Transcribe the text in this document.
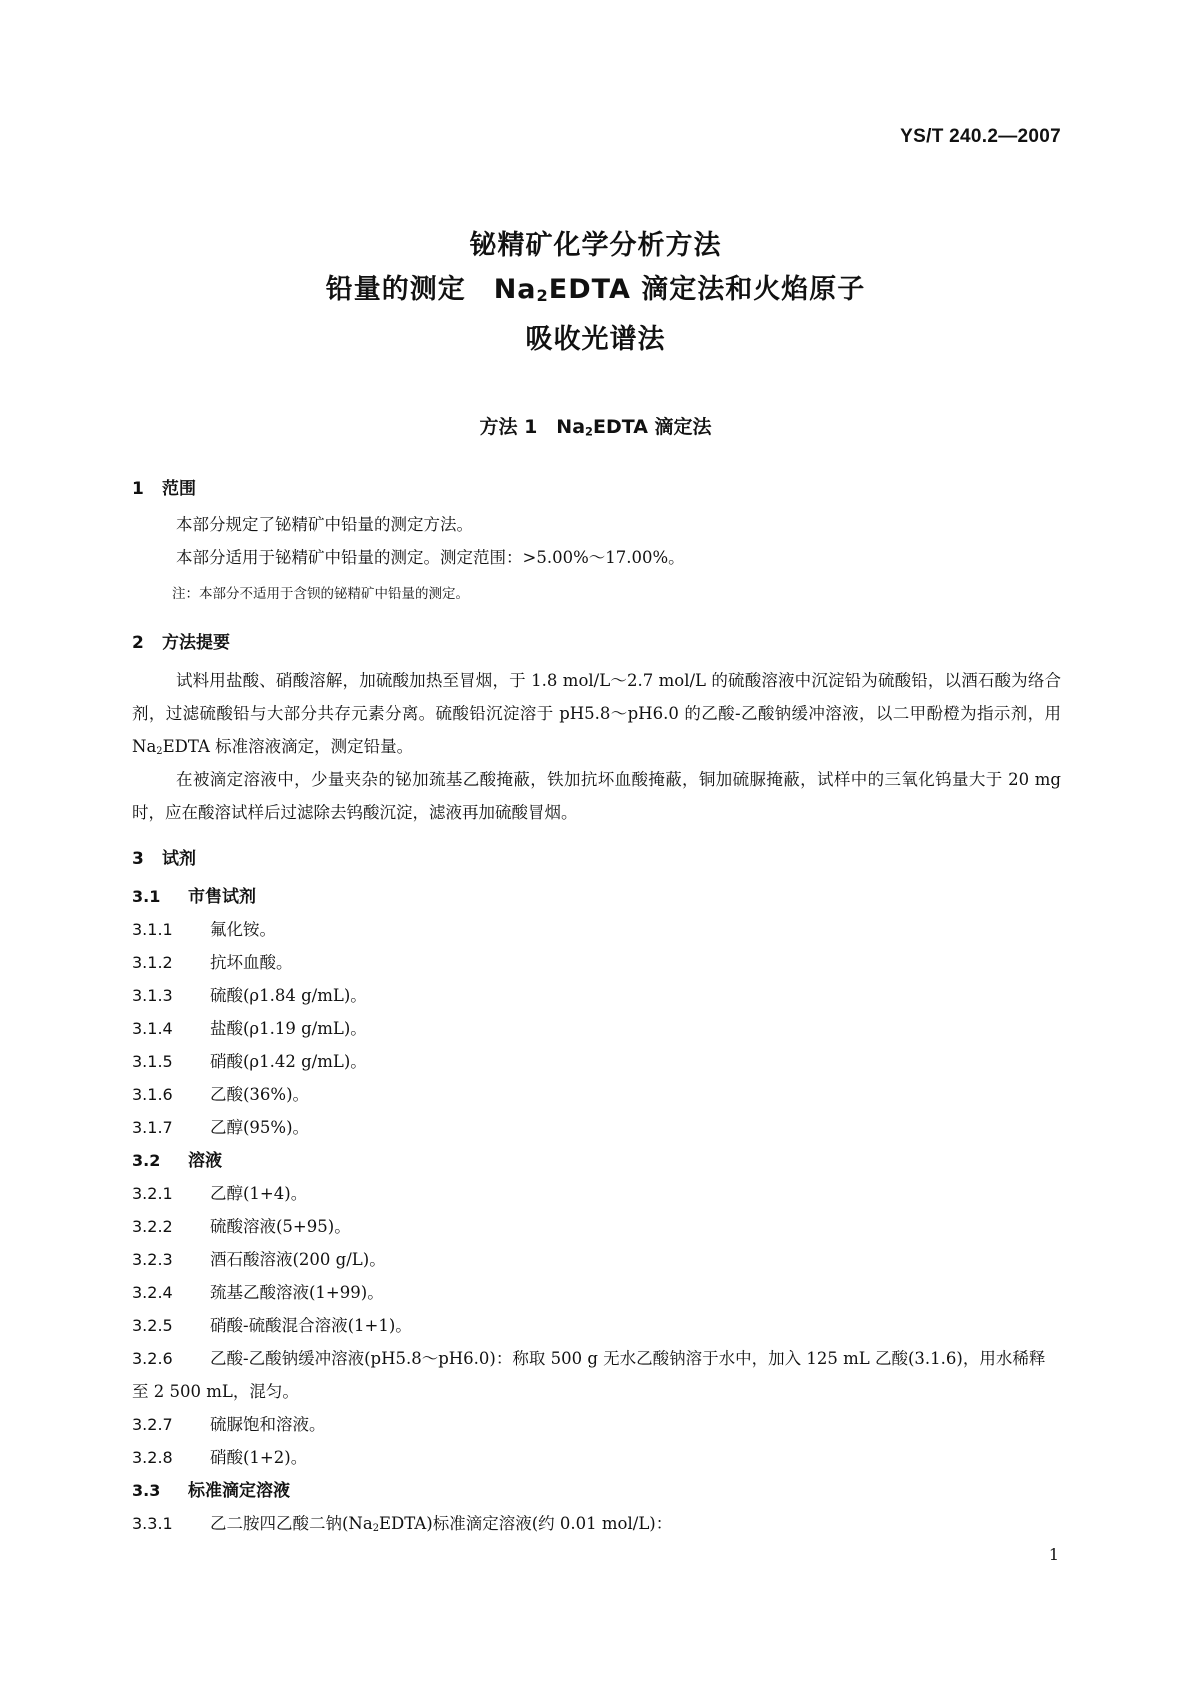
YS/T 240.2—2007
铋精矿化学分析方法
铅量的测定　$Na_2EDTA$ 滴定法和火焰原子
吸收光谱法
方法 1　$Na_2EDTA$ 滴定法
1 范围
本部分规定了铋精矿中铅量的测定方法。
本部分适用于铋精矿中铅量的测定。测定范围：>5.00%～17.00%。
注：本部分不适用于含钡的铋精矿中铅量的测定。
2 方法提要
试料用盐酸、硝酸溶解，加硫酸加热至冒烟，于 1.8 mol/L～2.7 mol/L 的硫酸溶液中沉淀铅为硫酸铅，以酒石酸为络合剂，过滤硫酸铅与大部分共存元素分离。硫酸铅沉淀溶于 pH5.8～pH6.0 的乙酸-乙酸钠缓冲溶液，以二甲酚橙为指示剂，用 $Na_2EDTA$ 标准溶液滴定，测定铅量。
在被滴定溶液中，少量夹杂的铋加巯基乙酸掩蔽，铁加抗坏血酸掩蔽，铜加硫脲掩蔽，试样中的三氧化钨量大于 20 mg 时，应在酸溶试样后过滤除去钨酸沉淀，滤液再加硫酸冒烟。
3 试剂
3.1 市售试剂
3.1.1 氟化铵。
3.1.2 抗坏血酸。
3.1.3 硫酸(ρ1.84 g/mL)。
3.1.4 盐酸(ρ1.19 g/mL)。
3.1.5 硝酸(ρ1.42 g/mL)。
3.1.6 乙酸(36%)。
3.1.7 乙醇(95%)。
3.2 溶液
3.2.1 乙醇(1+4)。
3.2.2 硫酸溶液(5+95)。
3.2.3 酒石酸溶液(200 g/L)。
3.2.4 巯基乙酸溶液(1+99)。
3.2.5 硝酸-硫酸混合溶液(1+1)。
3.2.6 乙酸-乙酸钠缓冲溶液(pH5.8～pH6.0)：称取 500 g 无水乙酸钠溶于水中，加入 125 mL 乙酸(3.1.6)，用水稀释至 2 500 mL，混匀。
3.2.7 硫脲饱和溶液。
3.2.8 硝酸(1+2)。
3.3 标准滴定溶液
3.3.1 乙二胺四乙酸二钠$(Na_2EDTA)$标准滴定溶液(约 0.01 mol/L)：
1
